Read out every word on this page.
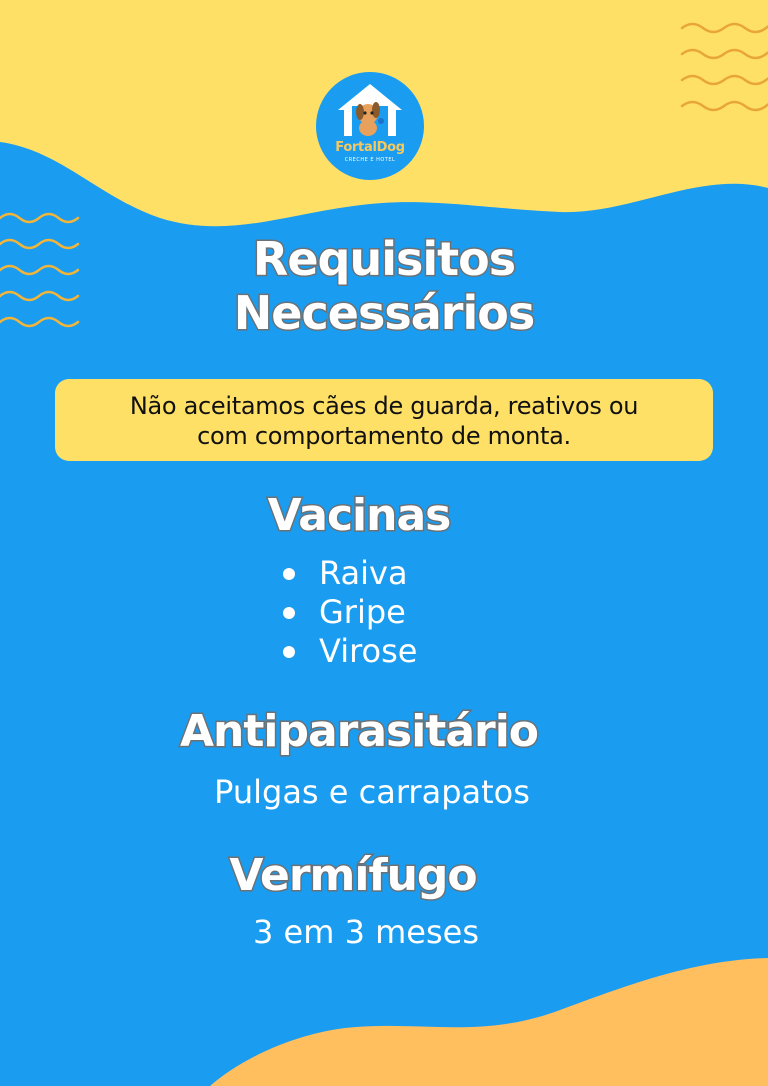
FortalDog
CRECHE E HOTEL
Requisitos
Necessários
Não aceitamos cães de guarda, reativos ou
com comportamento de monta.
Vacinas
Raiva
Gripe
Virose
Antiparasitário
Pulgas e carrapatos
Vermífugo
3 em 3 meses
